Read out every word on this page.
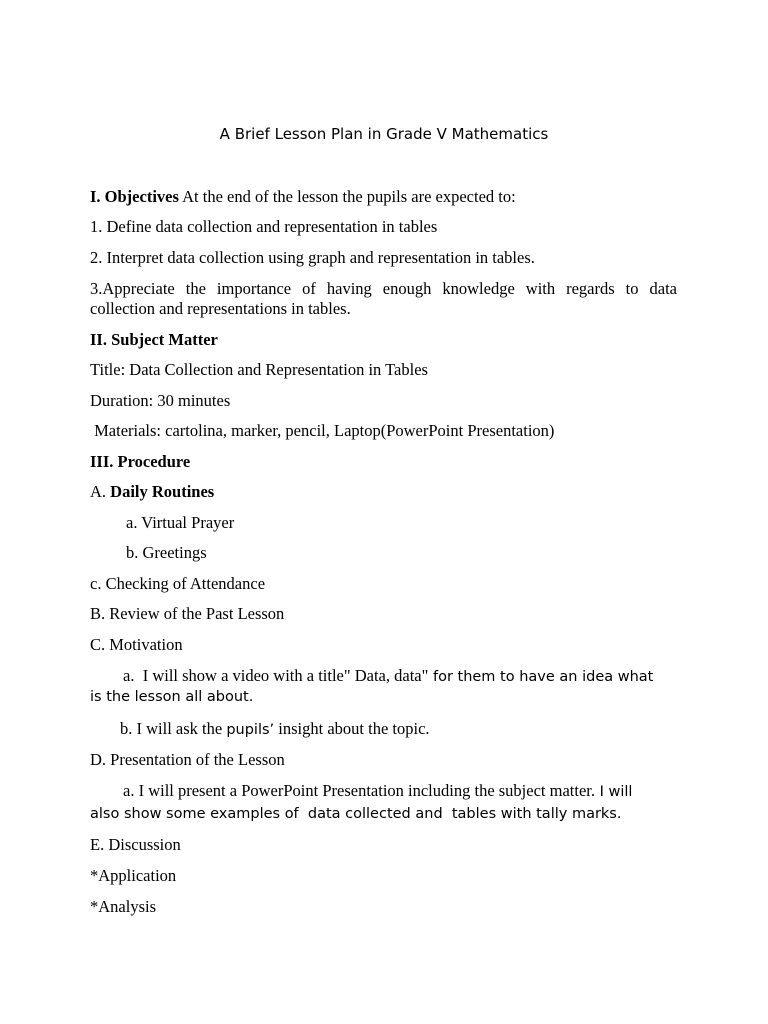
A Brief Lesson Plan in Grade V Mathematics
I. Objectives At the end of the lesson the pupils are expected to:
1. Define data collection and representation in tables
2. Interpret data collection using graph and representation in tables.
3.Appreciate the importance of having enough knowledge with regards to data
collection and representations in tables.
II. Subject Matter
Title: Data Collection and Representation in Tables
Duration: 30 minutes
Materials: cartolina, marker, pencil, Laptop(PowerPoint Presentation)
III. Procedure
A. Daily Routines
a. Virtual Prayer
b. Greetings
c. Checking of Attendance
B. Review of the Past Lesson
C. Motivation
a.  I will show a video with a title" Data, data" for them to have an idea what
is the lesson all about.
b. I will ask the pupils’ insight about the topic.
D. Presentation of the Lesson
a. I will present a PowerPoint Presentation including the subject matter. I will
also show some examples of  data collected and  tables with tally marks.
E. Discussion
*Application
*Analysis
